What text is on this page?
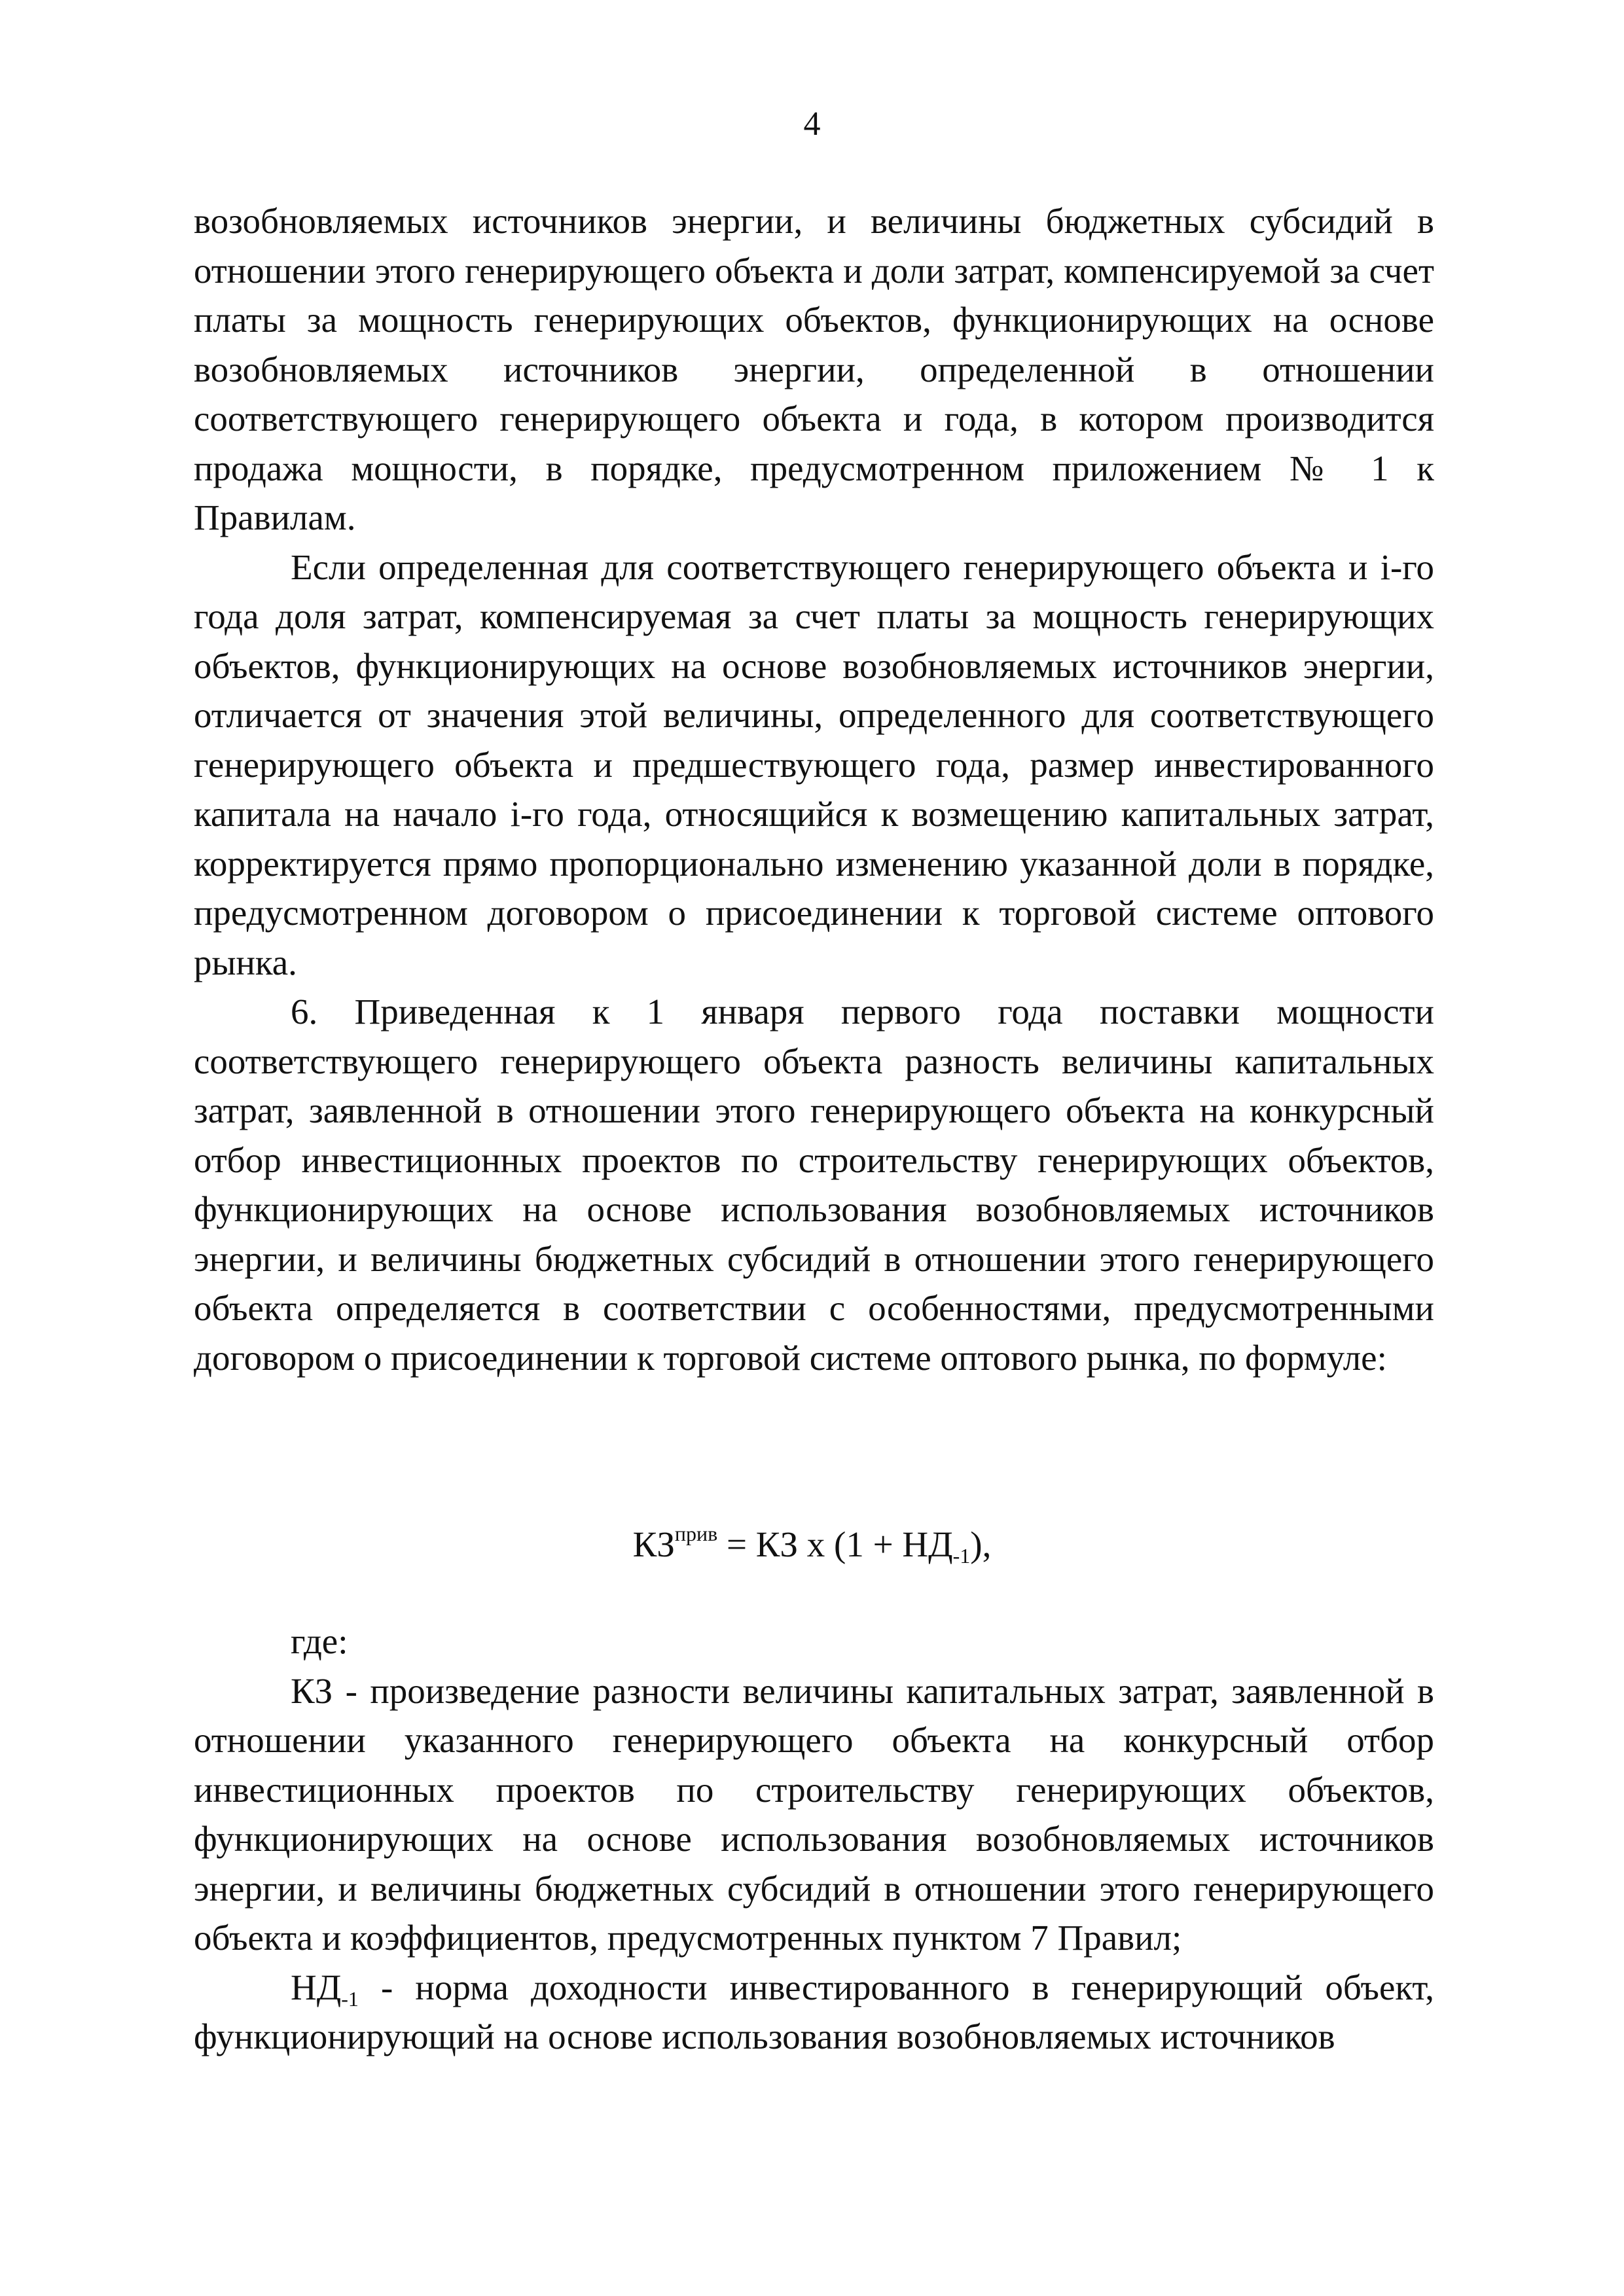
4

возобновляемых источников энергии, и величины бюджетных субсидий в отношении этого генерирующего объекта и доли затрат, компенсируемой за счет платы за мощность генерирующих объектов, функционирующих на основе возобновляемых источников энергии, определенной в отношении соответствующего генерирующего объекта и года, в котором производится продажа мощности, в порядке, предусмотренном приложением № 1 к Правилам.

Если определенная для соответствующего генерирующего объекта и i-го года доля затрат, компенсируемая за счет платы за мощность генерирующих объектов, функционирующих на основе возобновляемых источников энергии, отличается от значения этой величины, определенного для соответствующего генерирующего объекта и предшествующего года, размер инвестированного капитала на начало i-го года, относящийся к возмещению капитальных затрат, корректируется прямо пропорционально изменению указанной доли в порядке, предусмотренном договором о присоединении к торговой системе оптового рынка.

6. Приведенная к 1 января первого года поставки мощности соответствующего генерирующего объекта разность величины капитальных затрат, заявленной в отношении этого генерирующего объекта на конкурсный отбор инвестиционных проектов по строительству генерирующих объектов, функционирующих на основе использования возобновляемых источников энергии, и величины бюджетных субсидий в отношении этого генерирующего объекта определяется в соответствии с особенностями, предусмотренными договором о присоединении к торговой системе оптового рынка, по формуле:

$КЗ^{прив}$ = КЗ х $(1 + НД_{-1})$,

где:

КЗ - произведение разности величины капитальных затрат, заявленной в отношении указанного генерирующего объекта на конкурсный отбор инвестиционных проектов по строительству генерирующих объектов, функционирующих на основе использования возобновляемых источников энергии, и величины бюджетных субсидий в отношении этого генерирующего объекта и коэффициентов, предусмотренных пунктом 7 Правил;

$НД_{-1}$ - норма доходности инвестированного в генерирующий объект, функционирующий на основе использования возобновляемых источников
